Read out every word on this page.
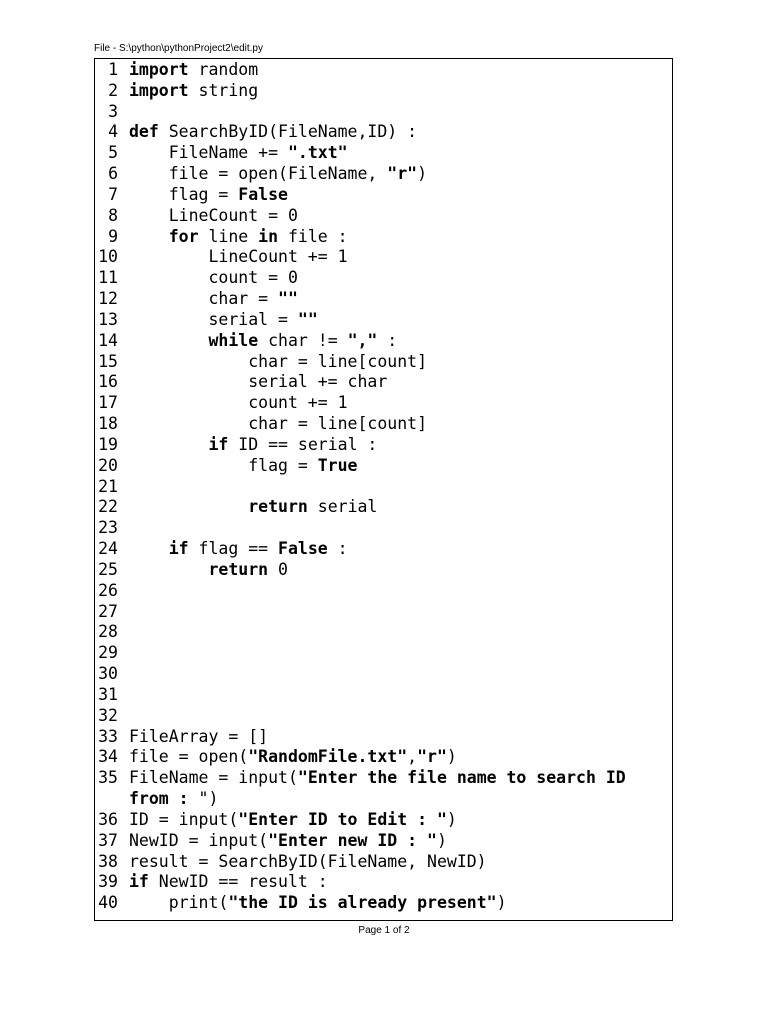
File - S:\python\pythonProject2\edit.py
1 import random
2 import string
3
4 def SearchByID(FileName,ID) :
5 FileName += ".txt"
6 file = open(FileName, "r")
7 flag = False
8 LineCount = 0
9	for line in file :
10 LineCount += 1
11 count = 0
12 char = ""
13 serial = ""
14	while char != "," :
15 char = line[count]
16 serial += char
17 count += 1
18 char = line[count]
19	if ID == serial :
20 flag = True
21
22	return serial
23
24	if flag == False :
25	return 0
26
27
28
29
30
31
32
33 FileArray = []
34 file = open("RandomFile.txt","r")
35 FileName = input("Enter the file name to search ID
from : ")
36 ID = input("Enter ID to Edit : ")
37 NewID = input("Enter new ID : ")
38 result = SearchByID(FileName, NewID)
39 if NewID == result :
40 print("the ID is already present")
Page 1 of 2
